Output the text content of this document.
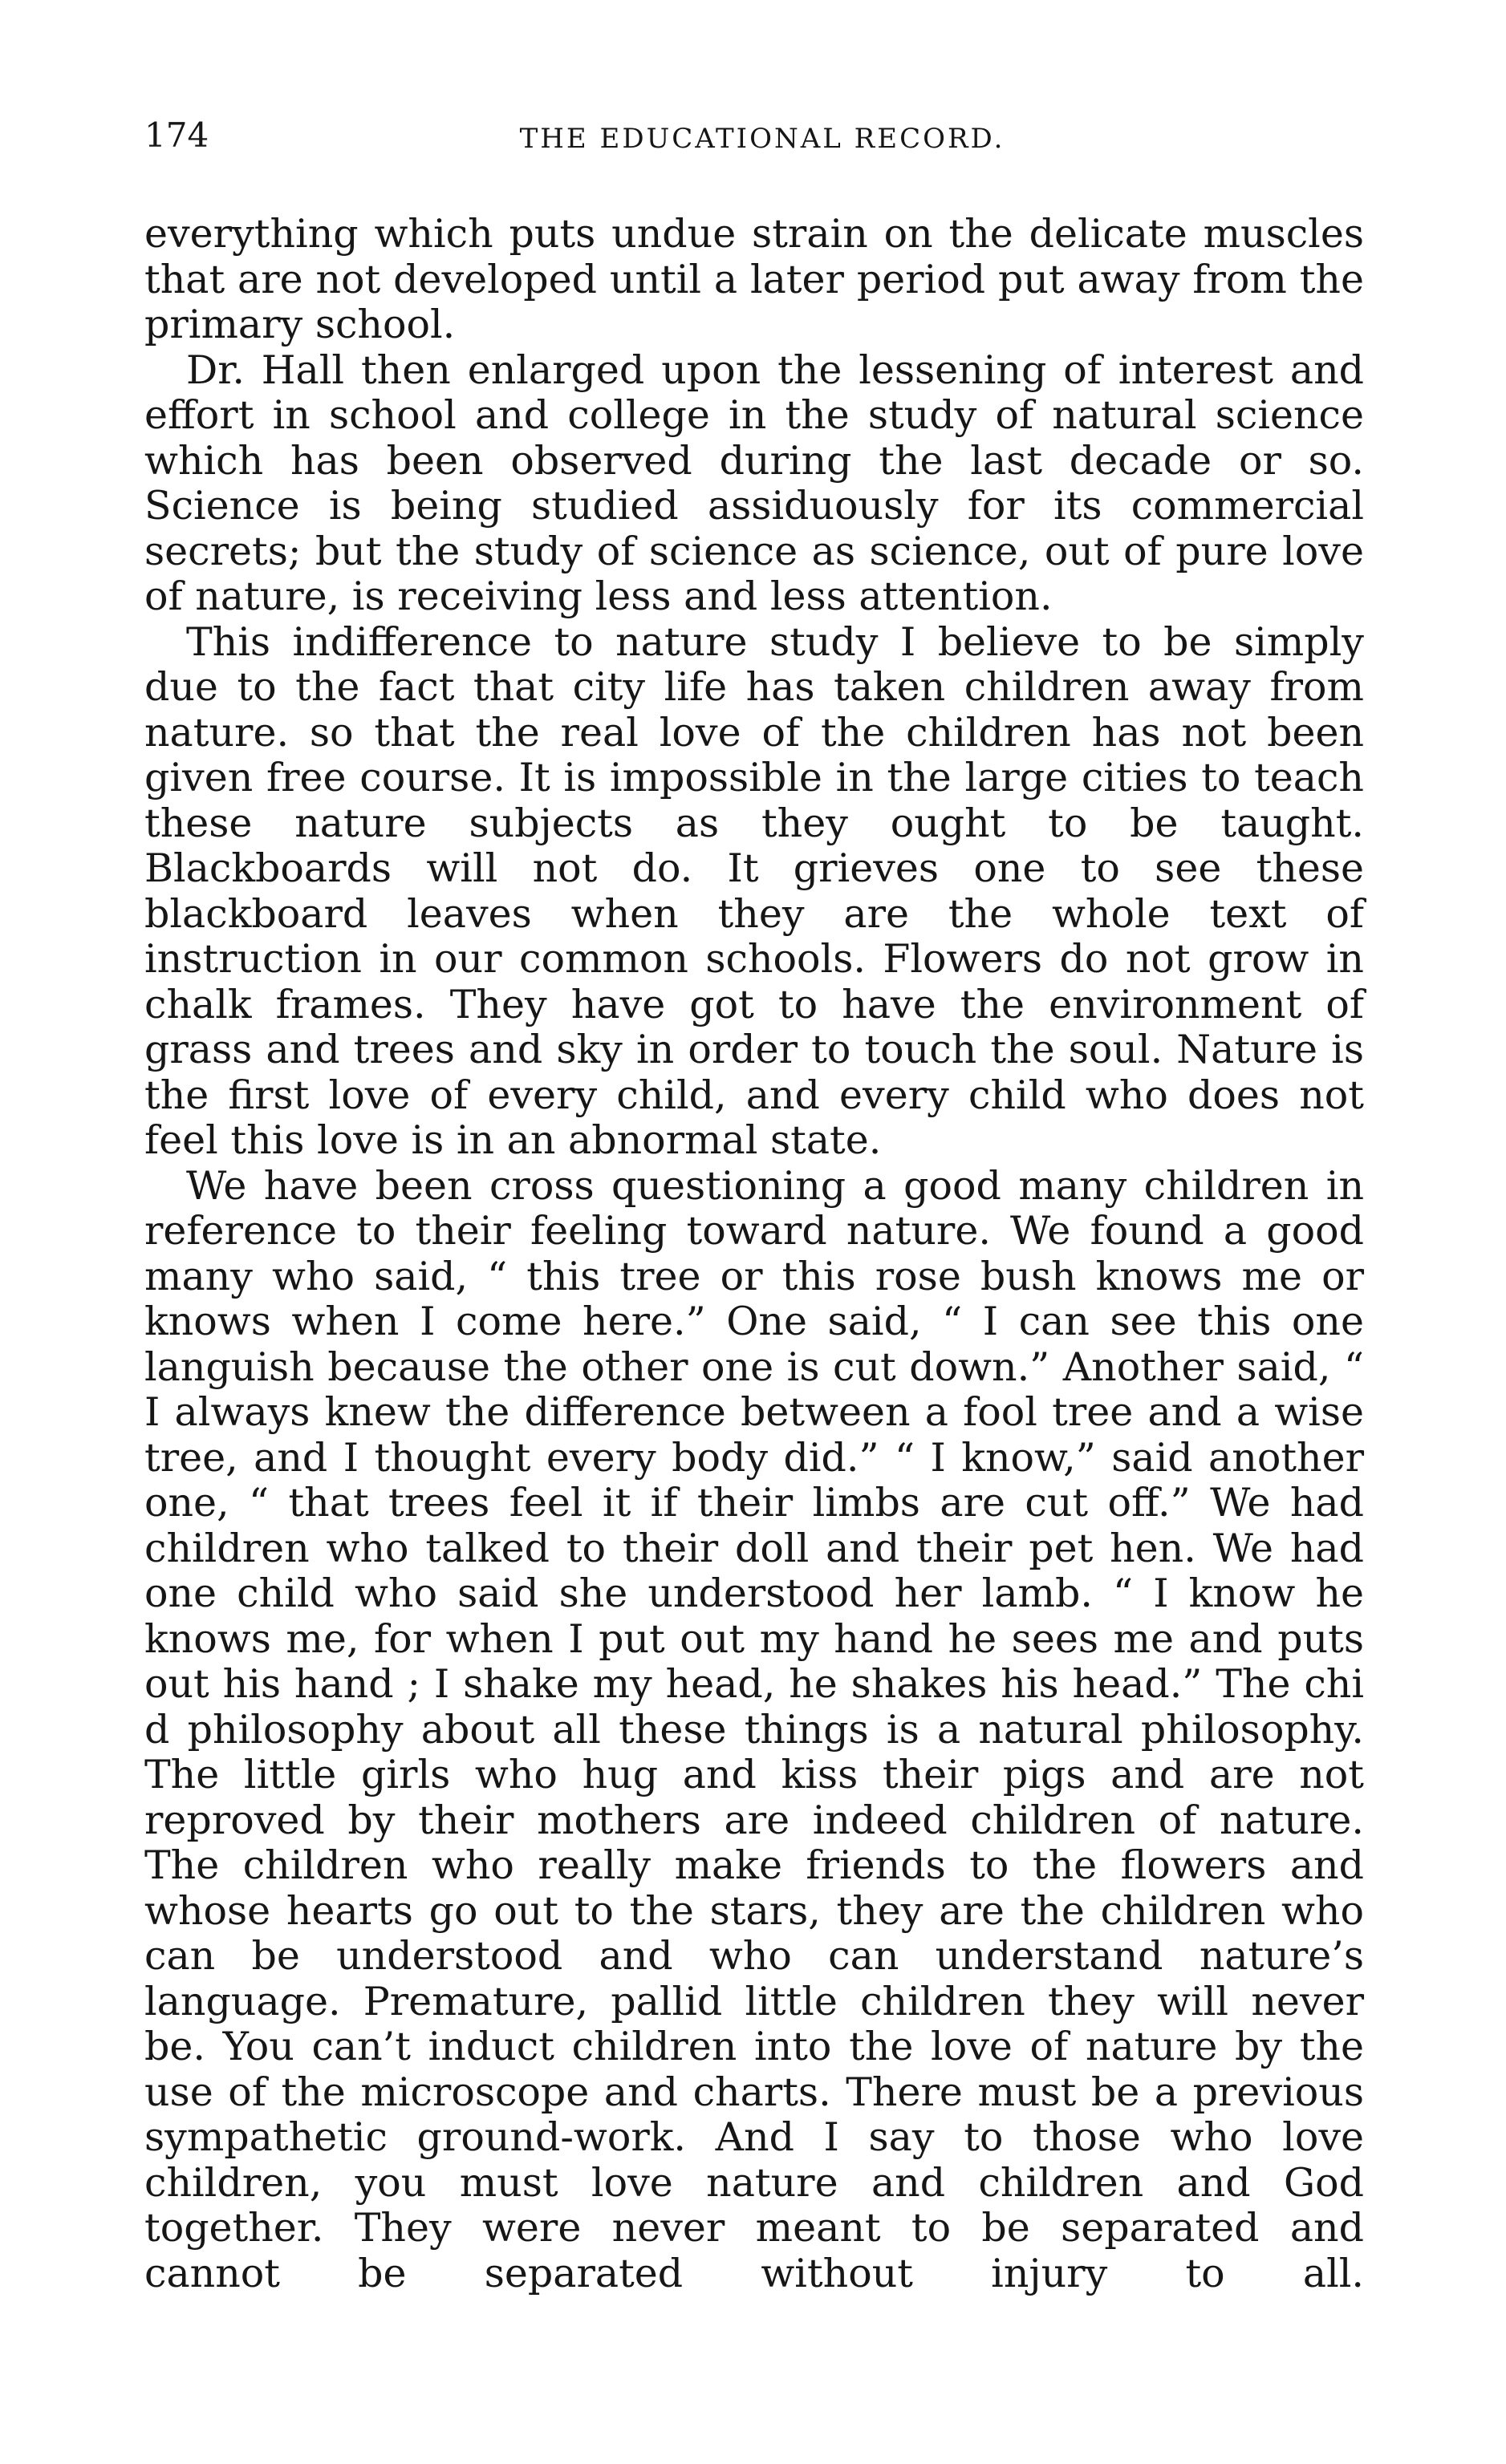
174	THE EDUCATIONAL RECORD.

everything which puts undue strain on the delicate muscles that are not developed until a later period put away from the primary school.

Dr. Hall then enlarged upon the lessening of interest and effort in school and college in the study of natural science which has been observed during the last decade or so. Science is being studied assiduously for its commercial secrets; but the study of science as science, out of pure love of nature, is receiving less and less attention.

This indifference to nature study I believe to be simply due to the fact that city life has taken children away from nature. so that the real love of the children has not been given free course. It is impossible in the large cities to teach these nature subjects as they ought to be taught. Blackboards will not do. It grieves one to see these blackboard leaves when they are the whole text of instruction in our common schools. Flowers do not grow in chalk frames. They have got to have the environment of grass and trees and sky in order to touch the soul. Nature is the first love of every child, and every child who does not feel this love is in an abnormal state.

We have been cross questioning a good many children in reference to their feeling toward nature. We found a good many who said, “ this tree or this rose bush knows me or knows when I come here.” One said, “ I can see this one languish because the other one is cut down.” Another said, “ I always knew the difference between a fool tree and a wise tree, and I thought every body did.” “ I know,” said another one, “ that trees feel it if their limbs are cut off.” We had children who talked to their doll and their pet hen. We had one child who said she understood her lamb. “ I know he knows me, for when I put out my hand he sees me and puts out his hand ; I shake my head, he shakes his head.” The chi d philosophy about all these things is a natural philosophy. The little girls who hug and kiss their pigs and are not reproved by their mothers are indeed children of nature. The children who really make friends to the flowers and whose hearts go out to the stars, they are the children who can be understood and who can understand nature’s language. Premature, pallid little children they will never be. You can’t induct children into the love of nature by the use of the microscope and charts. There must be a previous sympathetic ground-work. And I say to those who love children, you must love nature and children and God together. They were never meant to be separated and cannot be separated without injury to all.
